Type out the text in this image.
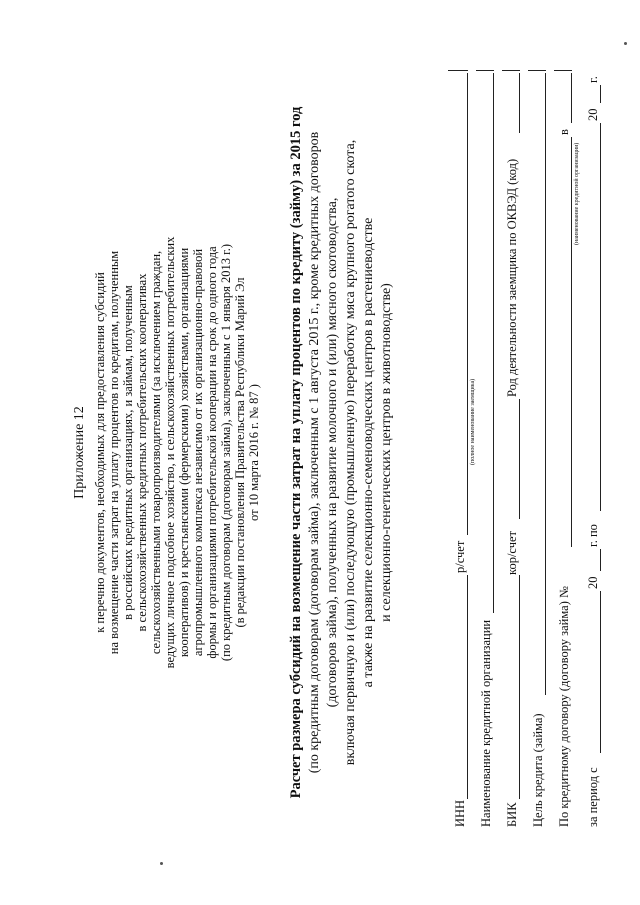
Приложение 12 к перечню документов, необходимых для предоставления субсидий на возмещение части затрат на уплату процентов по кредитам, полученным в российских кредитных организациях, и займам, полученным в сельскохозяйственных кредитных потребительских кооперативах сельскохозяйственными товаропроизводителями (за исключением граждан, ведущих личное подсобное хозяйство, и сельскохозяйственных потребительских кооперативов) и крестьянскими (фермерскими) хозяйствами, организациями агропромышленного комплекса независимо от их организационно-правовой формы и организациями потребительской кооперации на срок до одного года (по кредитным договорам (договорам займа), заключенным с 1 января 2013 г.) (в редакции постановления Правительства Республики Марий Эл от 10 марта 2016 г. № 87 ) Расчет размера субсидий на возмещение части затрат на уплату процентов по кредиту (займу) за 2015 год (по кредитным договорам (договорам займа), заключенным с 1 августа 2015 г., кроме кредитных договоров (договоров займа), полученных на развитие молочного и (или) мясного скотоводства, включая первичную и (или) последующую (промышленную) переработку мяса крупного рогатого скота, а также на развитие селекционно-семеноводческих центров в растениеводстве и селекционно-генетических центров в животноводстве)
ИНН
р/счет
(полное наименование заемщика)
Наименование кредитной организации БИК
кор/счет
Род деятельности заемщика по ОКВЭД (код)
Цель кредита (займа) По кредитному договору (договору займа) №
в
(наименование кредитной организации)
за период с
20
г. по
20
г.
